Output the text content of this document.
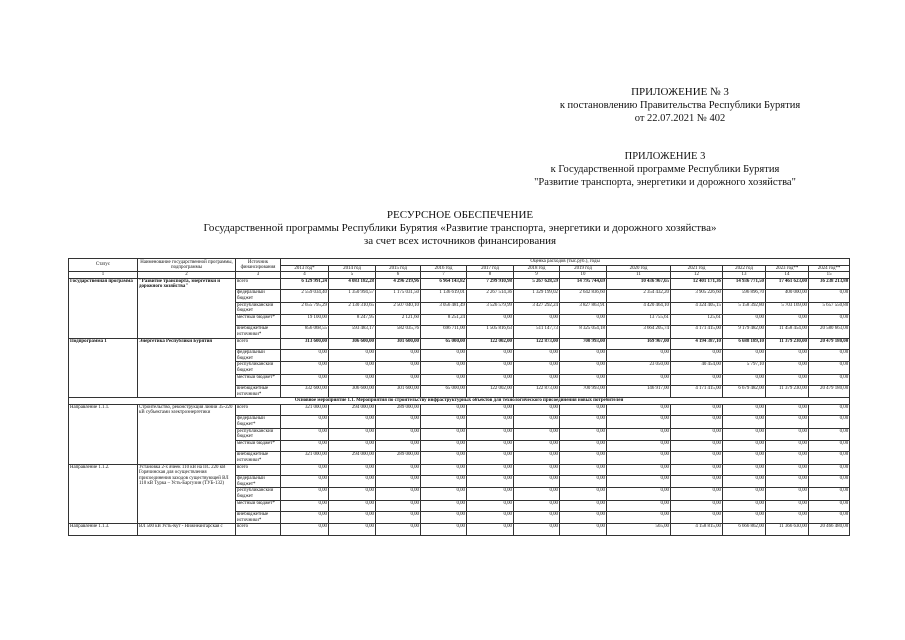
ПРИЛОЖЕНИЕ № 3
к постановлению Правительства Республики Бурятия
от 22.07.2021 № 402
ПРИЛОЖЕНИЕ 3
к Государственной программе Республики Бурятия
"Развитие транспорта, энергетики и дорожного хозяйства"
РЕСУРСНОЕ ОБЕСПЕЧЕНИЕ
Государственной программы Республики Бурятия «Развитие транспорта, энергетики и дорожного хозяйства»
за счет всех источников финансирования
Статус	Наименование государственной программы, подпрограммы	Источник финансирования	Оценка расходов (тыс.руб.), годы											
			2013 год*	2014 год	2015 год	2016 год	2017 год	2018 год	2019 год	2020 год	2021 год	2022 год	2023 год**	2024 год**
1	2	3	4	5	6	7	8	9	10	11	12	13	14	15
Государственная программа	"Развитие транспорта, энергетики и дорожного хозяйства"	всего	6 129 991,24	4 083 182,28	4 296 219,96	6 964 143,82	7 299 910,98	5 267 628,59	14 795 744,69	10 436 967,65	12 401 171,36	14 936 771,50	17 461 623,00	36 238 213,80
		федеральный бюджет	2 559 034,40	1 350 994,57	1 175 031,50	1 136 619,01	2 267 514,36	1 329 199,02	2 642 836,60	2 354 432,20	3 905 226,60	596 896,70	400 000,00	0,00
		республиканский бюджет	2 655 795,29	2 130 310,65	2 507 040,10	3 056 481,49	3 526 579,99	3 427 292,24	3 827 863,91	4 420 464,10	4 324 405,15	5 158 392,80	5 703 169,00	5 657 550,80
		местный бюджет*	19 100,00	8 247,95	2 121,60	8 251,24	0,00	0,00	0,00	13 755,61	125,61	0,00	0,00	0,00
		внебюджетные источники*	856 068,55	593 483,17	582 035,76	696 711,00	1 505 816,63	511 147,73	8 325 054,18	3 664 205,74	4 171 415,00	9 179 482,00	11 458 454,00	20 580 663,00
Подпрограмма 1	Энергетика Республики Бурятия	всего	313 600,00	306 600,00	301 600,00	65 000,00	122 002,00	122 873,00	700 993,00	169 967,00	4 194 387,10	6 688 189,10	11 379 230,00	20 479 180,00
		федеральный бюджет	0,00	0,00	0,00	0,00	0,00	0,00	0,00	0,00	0,00	0,00	0,00	0,00
		республиканский бюджет	0,00	0,00	0,00	0,00	0,00	0,00	0,00	23 050,00	40 454,00	5 797,10	0,00	0,00
		местный бюджет*	0,00	0,00	0,00	0,00	0,00	0,00	0,00	0,00	0,00	0,00	0,00	0,00
		внебюджетные источники*	332 600,00	306 600,00	301 600,00	65 000,00	122 002,00	122 873,00	700 993,00	146 917,00	4 171 415,00	6 679 482,00	11 379 230,00	20 479 180,00
Основное мероприятие 1.1. Мероприятия по строительству инфраструктурных объектов для технологического присоединения новых потребителей														
Направление 1.1.1.	Строительство, реконструкция линий 35-220 кВ субъектами электроэнергетики	всего	321 000,00	294 000,00	289 000,00	0,00	0,00	0,00	0,00	0,00	0,00	0,00	0,00	0,00
		федеральный бюджет*	0,00	0,00	0,00	0,00	0,00	0,00	0,00	0,00	0,00	0,00	0,00	0,00
		республиканский бюджет	0,00	0,00	0,00	0,00	0,00	0,00	0,00	0,00	0,00	0,00	0,00	0,00
		местный бюджет*	0,00	0,00	0,00	0,00	0,00	0,00	0,00	0,00	0,00	0,00	0,00	0,00
		внебюджетные источники*	321 000,00	294 000,00	289 000,00	0,00	0,00	0,00	0,00	0,00	0,00	0,00	0,00	0,00
Направление 1.1.2.	Установка 2-х ячеек 110 кВ на ПС 220 кВ Горячинская для осуществления присоединения заходов существующей ВЛ 110 кВ Турка – Усть-Баргузин (ТУБ-132)	всего	0,00	0,00	0,00	0,00	0,00	0,00	0,00	0,00	0,00	0,00	0,00	0,00
		федеральный бюджет*	0,00	0,00	0,00	0,00	0,00	0,00	0,00	0,00	0,00	0,00	0,00	0,00
		республиканский бюджет	0,00	0,00	0,00	0,00	0,00	0,00	0,00	0,00	0,00	0,00	0,00	0,00
		местный бюджет*	0,00	0,00	0,00	0,00	0,00	0,00	0,00	0,00	0,00	0,00	0,00	0,00
		внебюджетные источники*	0,00	0,00	0,00	0,00	0,00	0,00	0,00	0,00	0,00	0,00	0,00	0,00
Направление 1.1.3.	ВЛ 500 кВ Усть-Кут - Нижнеангарская с	всего	0,00	0,00	0,00	0,00	0,00	0,00	0,00	565,00	4 158 815,00	6 666 862,00	11 366 630,00	20 466 480,00
